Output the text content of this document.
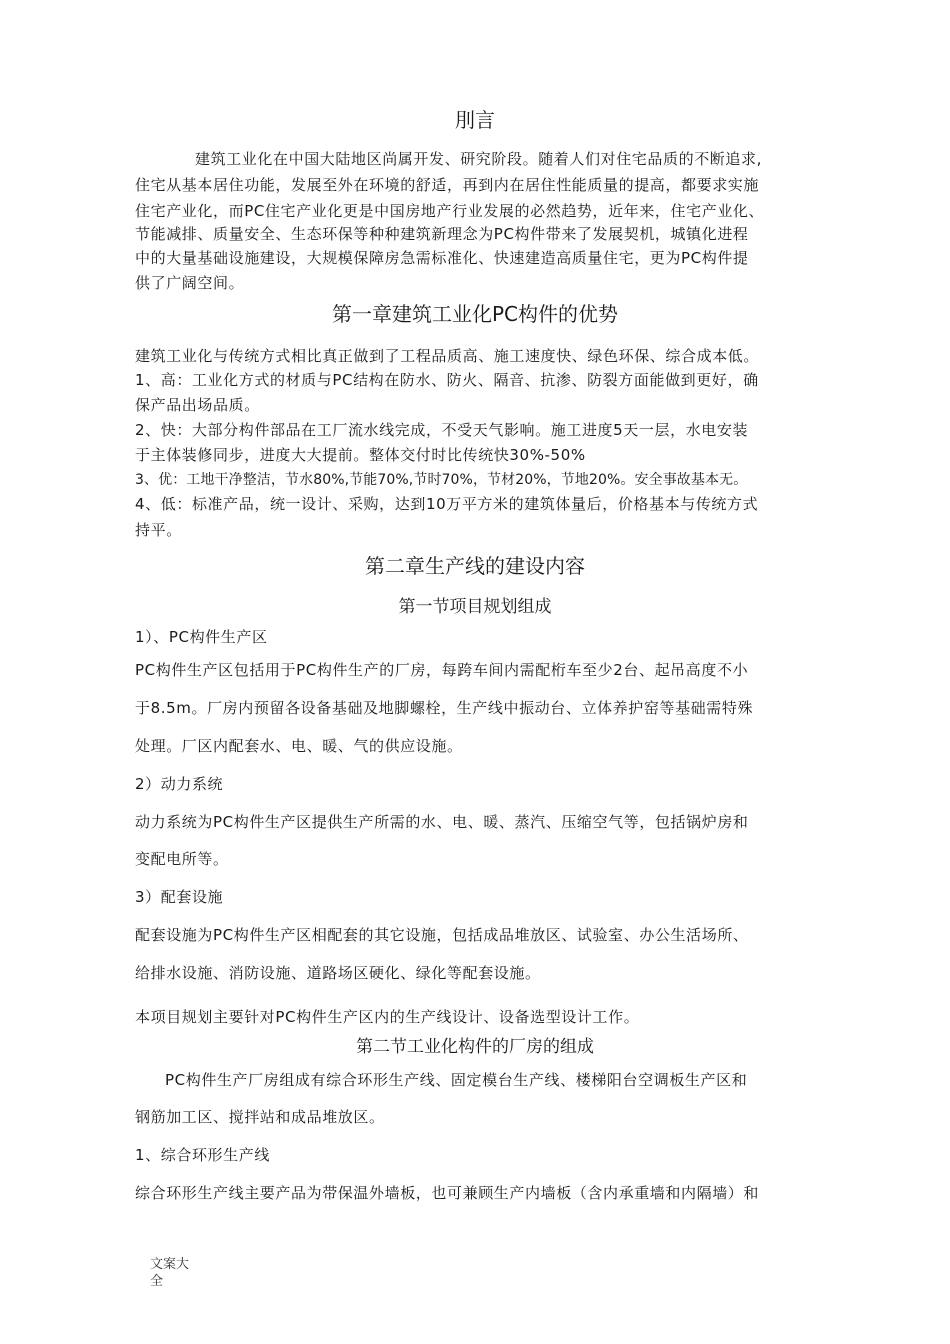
刖言
建筑工业化在中国大陆地区尚属开发、研究阶段。随着人们对住宅品质的不断追求,
住宅从基本居住功能，发展至外在环境的舒适，再到内在居住性能质量的提高，都要求实施
住宅产业化，而PC住宅产业化更是中国房地产行业发展的必然趋势，近年来，住宅产业化、
节能减排、质量安全、生态环保等种种建筑新理念为PC构件带来了发展契机，城镇化进程
中的大量基础设施建设，大规模保障房急需标准化、快速建造高质量住宅，更为PC构件提
供了广阔空间。
第一章建筑工业化PC构件的优势
建筑工业化与传统方式相比真正做到了工程品质高、施工速度快、绿色环保、综合成本低。
1、高：工业化方式的材质与PC结构在防水、防火、隔音、抗渗、防裂方面能做到更好，确
保产品出场品质。
2、快：大部分构件部品在工厂流水线完成，不受天气影响。施工进度5天一层，水电安装
于主体装修同步，进度大大提前。整体交付时比传统快30%-50%
3、优：工地干净整洁，节水80%,节能70%,节时70%，节材20%，节地20%。安全事故基本无。
4、低：标准产品，统一设计、采购，达到10万平方米的建筑体量后，价格基本与传统方式
持平。
第二章生产线的建设内容
第一节项目规划组成
1）、PC构件生产区
PC构件生产区包括用于PC构件生产的厂房，每跨车间内需配桁车至少2台、起吊高度不小
于8.5m。厂房内预留各设备基础及地脚螺栓，生产线中振动台、立体养护窑等基础需特殊
处理。厂区内配套水、电、暖、气的供应设施。
2）动力系统
动力系统为PC构件生产区提供生产所需的水、电、暖、蒸汽、压缩空气等，包括锅炉房和
变配电所等。
3）配套设施
配套设施为PC构件生产区相配套的其它设施，包括成品堆放区、试验室、办公生活场所、
给排水设施、消防设施、道路场区硬化、绿化等配套设施。
本项目规划主要针对PC构件生产区内的生产线设计、设备选型设计工作。
第二节工业化构件的厂房的组成
PC构件生产厂房组成有综合环形生产线、固定模台生产线、楼梯阳台空调板生产区和
钢筋加工区、搅拌站和成品堆放区。
1、综合环形生产线
综合环形生产线主要产品为带保温外墙板，也可兼顾生产内墙板（含内承重墙和内隔墙）和
文案大全
